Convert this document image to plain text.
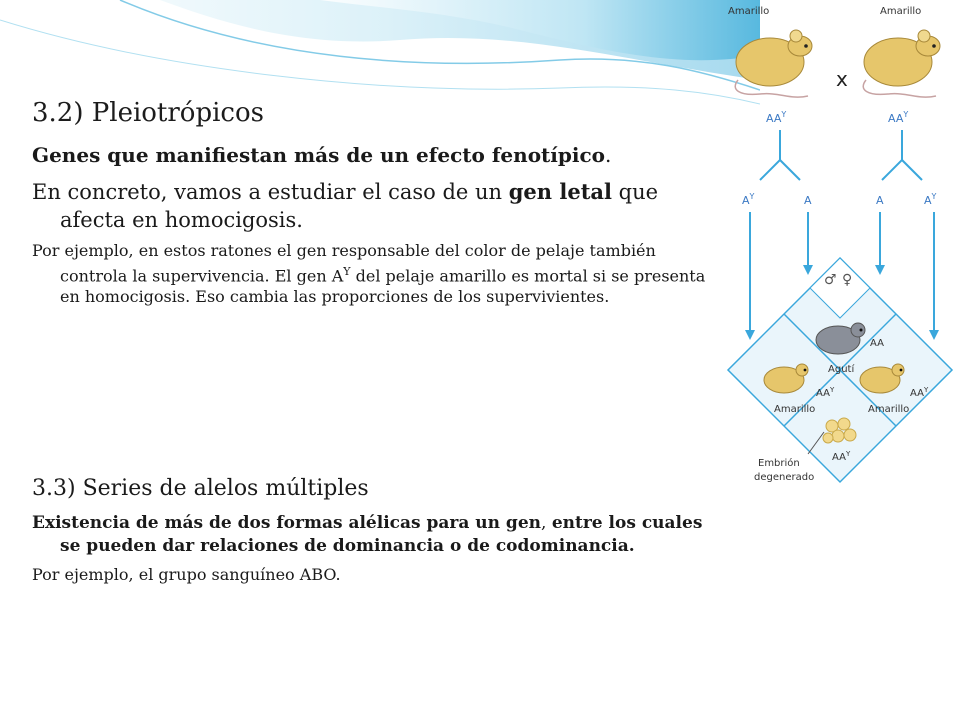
3.2) Pleiotrópicos

Genes que manifiestan más de un efecto fenotípico.

En concreto, vamos a estudiar el caso de un gen letal que afecta en homocigosis.

Por ejemplo, en estos ratones el gen responsable del color de pelaje también controla la supervivencia. El gen $A^Y$ del pelaje amarillo es mortal si se presenta en homocigosis. Eso cambia las proporciones de los supervivientes.

3.3) Series de alelos múltiples

Existencia de más de dos formas alélicas para un gen, entre los cuales se pueden dar relaciones de dominancia o de codominancia.

Por ejemplo, el grupo sanguíneo ABO.

Amarillo	Amarillo
x
$AA^Y$	$AA^Y$
$A^Y$	A	A	$A^Y$
♂ ♀
AA
Agutí
Amarillo
$AA^Y$
Amarillo
$AA^Y$
$AA^Y$
Embrión
degenerado
